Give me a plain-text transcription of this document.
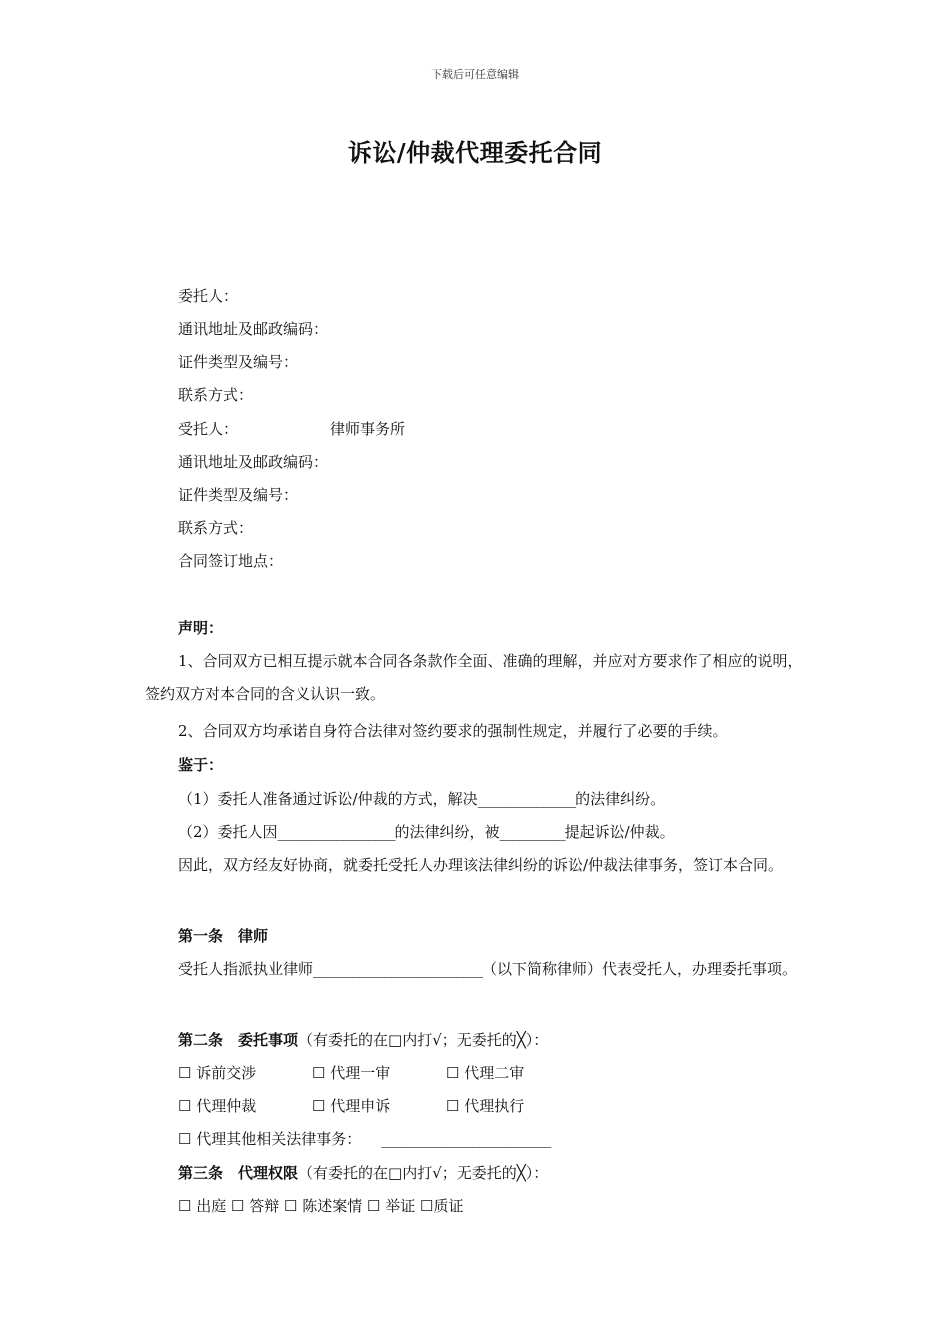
下载后可任意编辑
诉讼/仲裁代理委托合同
委托人：
通讯地址及邮政编码：
证件类型及编号：
联系方式：
受托人：	律师事务所
通讯地址及邮政编码：
证件类型及编号：
联系方式：
合同签订地点：
声明：
1、合同双方已相互提示就本合同各条款作全面、准确的理解，并应对方要求作了相应的说明，签约双方对本合同的含义认识一致。
2、合同双方均承诺自身符合法律对签约要求的强制性规定，并履行了必要的手续。
鉴于：
（1）委托人准备通过诉讼/仲裁的方式，解决_______________的法律纠纷。
（2）委托人因__________________的法律纠纷，被__________提起诉讼/仲裁。
因此，双方经友好协商，就委托受托人办理该法律纠纷的诉讼/仲裁法律事务，签订本合同。
第一条　律师
受托人指派执业律师__________________________（以下简称律师）代表受托人，办理委托事项。
第二条　委托事项（有委托的在□内打√；无委托的╳）：
☐ 诉前交涉	☐ 代理一审	☐ 代理二审
☐ 代理仲裁	☐ 代理申诉	☐ 代理执行
☐ 代理其他相关法律事务： __________________________
第三条　代理权限（有委托的在□内打√；无委托的╳）：
☐ 出庭 ☐ 答辩 ☐ 陈述案情 ☐ 举证 ☐质证
